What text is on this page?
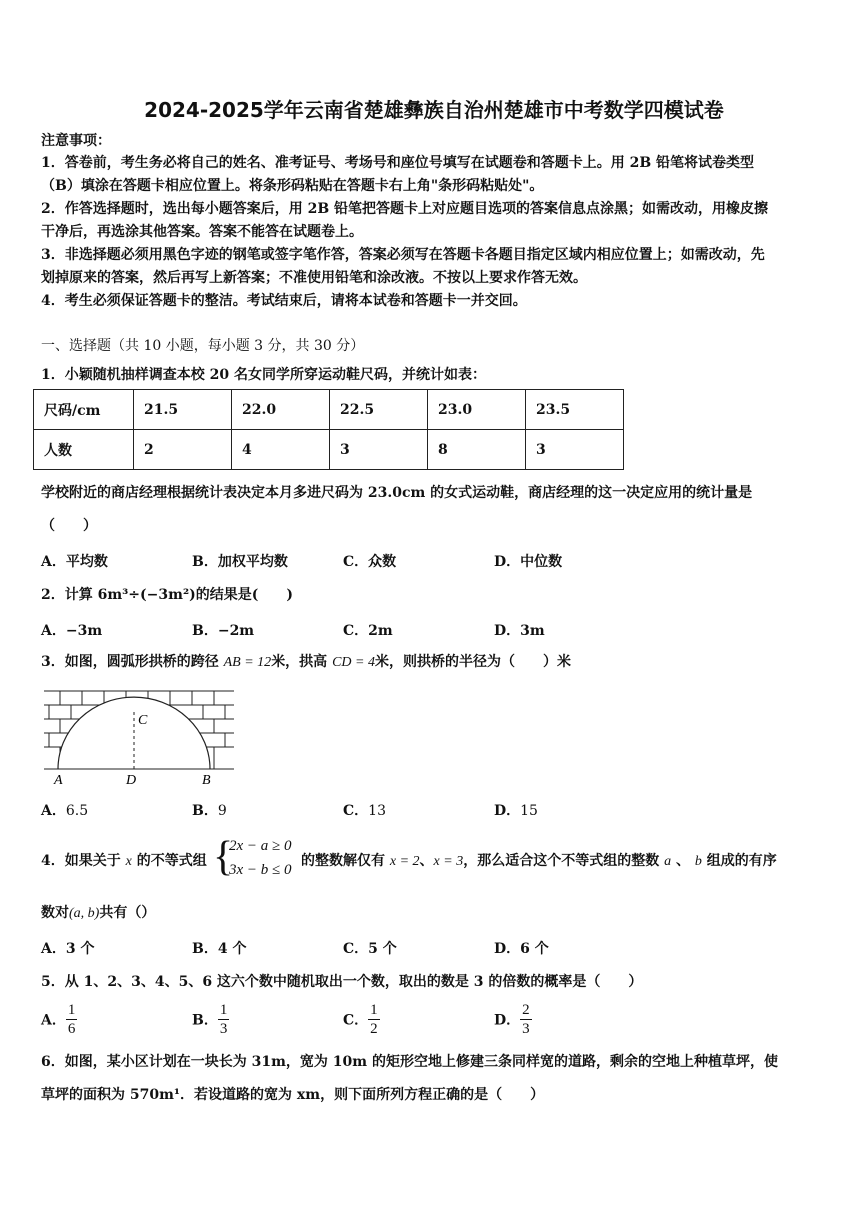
2024-2025学年云南省楚雄彝族自治州楚雄市中考数学四模试卷
注意事项：
1．答卷前，考生务必将自己的姓名、准考证号、考场号和座位号填写在试题卷和答题卡上。用 2B 铅笔将试卷类型
（B）填涂在答题卡相应位置上。将条形码粘贴在答题卡右上角"条形码粘贴处"。
2．作答选择题时，选出每小题答案后，用 2B 铅笔把答题卡上对应题目选项的答案信息点涂黑；如需改动，用橡皮擦
干净后，再选涂其他答案。答案不能答在试题卷上。
3．非选择题必须用黑色字迹的钢笔或签字笔作答，答案必须写在答题卡各题目指定区域内相应位置上；如需改动，先
划掉原来的答案，然后再写上新答案；不准使用铅笔和涂改液。不按以上要求作答无效。
4．考生必须保证答题卡的整洁。考试结束后，请将本试卷和答题卡一并交回。
一、选择题（共 10 小题，每小题 3 分，共 30 分）
1．小颖随机抽样调查本校 20 名女同学所穿运动鞋尺码，并统计如表：
尺码/cm	21.5	22.0	22.5	23.0	23.5
人数	2	4	3	8	3
学校附近的商店经理根据统计表决定本月多进尺码为 23.0cm 的女式运动鞋，商店经理的这一决定应用的统计量是
（　　）
A．平均数	B．加权平均数	C．众数	D．中位数
2．计算 6m³÷(−3m²)的结果是(　　)
A．−3m	B．−2m	C．2m	D．3m
3．如图，圆弧形拱桥的跨径 AB = 12米，拱高 CD = 4米，则拱桥的半径为（　　）米
A	D	B
C
A．6.5	B．9	C．13	D．15
4．如果关于 x 的不等式组 {
2x − a ≥ 0
3x − b ≤ 0
的整数解仅有 x = 2、x = 3，那么适合这个不等式组的整数 a 、 b 组成的有序
数对(a, b)共有（）
A．3 个	B．4 个	C．5 个	D．6 个
5．从 1、2、3、4、5、6 这六个数中随机取出一个数，取出的数是 3 的倍数的概率是（　　）
A． $\frac{1}{6}$	B． $\frac{1}{3}$	C． $\frac{1}{2}$	D． $\frac{2}{3}$
6．如图，某小区计划在一块长为 31m，宽为 10m 的矩形空地上修建三条同样宽的道路，剩余的空地上种植草坪，使
草坪的面积为 570m¹．若设道路的宽为 xm，则下面所列方程正确的是（　　）
